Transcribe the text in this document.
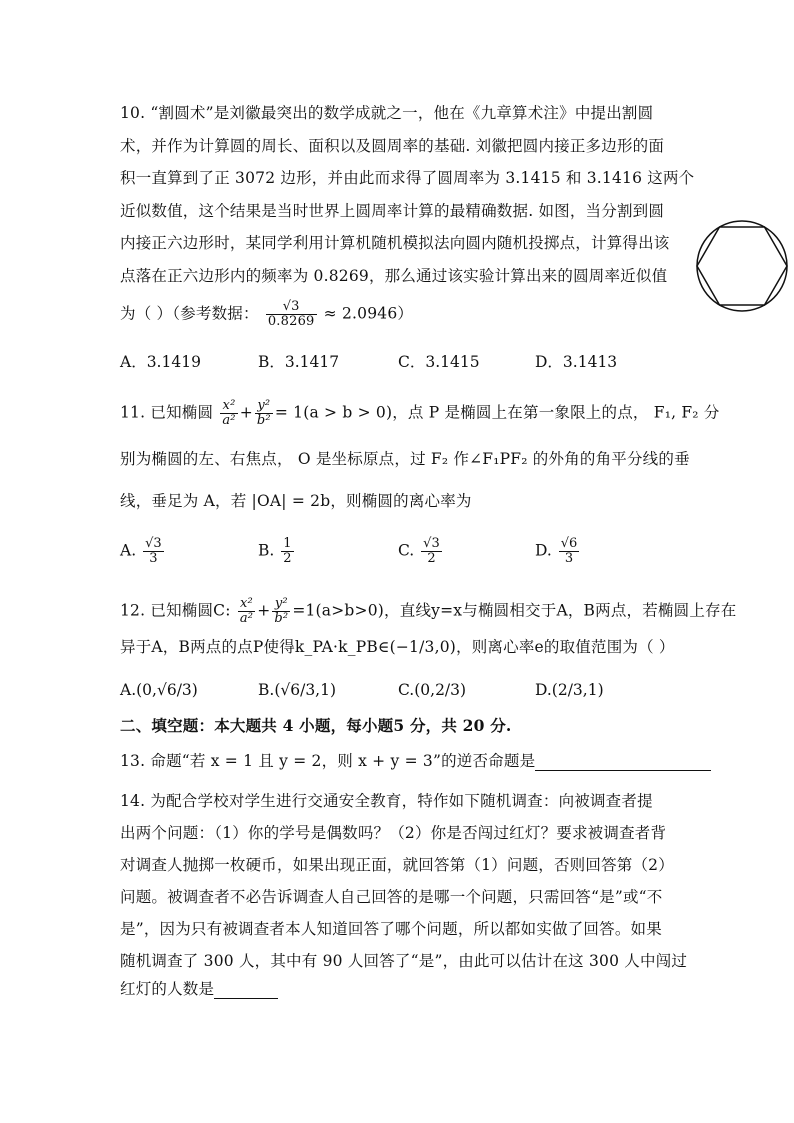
10. “割圆术”是刘徽最突出的数学成就之一，他在《九章算术注》中提出割圆
术，并作为计算圆的周长、面积以及圆周率的基础. 刘徽把圆内接正多边形的面
积一直算到了正 3072 边形，并由此而求得了圆周率为 3.1415 和 3.1416 这两个
近似数值，这个结果是当时世界上圆周率计算的最精确数据. 如图，当分割到圆
内接正六边形时，某同学利用计算机随机模拟法向圆内随机投掷点，计算得出该
点落在正六边形内的频率为 0.8269，那么通过该实验计算出来的圆周率近似值
为（ ）（参考数据： $\frac{√3}{0.8269} \approx 2.0946$）
A．3.1419	B．3.1417	C．3.1415	D．3.1413
11. 已知椭圆 $\frac{\text{x²}}{\text{a²}} + \frac{\text{y²}}{\text{b²}} = 1(a > b > 0)$，点 P 是椭圆上在第一象限上的点， F₁, F₂ 分
别为椭圆的左、右焦点， O 是坐标原点，过 F₂ 作∠F₁PF₂ 的外角的角平分线的垂
线，垂足为 A，若 |OA| = 2b，则椭圆的离心率为
A. $\frac{√3}{3}$	B. $\frac{1}{2}$	C. $\frac{√3}{2}$	D. $\frac{√6}{3}$
12. 已知椭圆C: $\frac{\text{x²}}{\text{a²}} + \frac{\text{y²}}{\text{b²}} =1(a>b>0)$，直线y=x与椭圆相交于A，B两点，若椭圆上存在
异于A，B两点的点P使得k_PA·k_PB∈(−1/3,0)，则离心率e的取值范围为（ ）
A.(0,√6/3)	B.(√6/3,1)	C.(0,2/3)	D.(2/3,1)
二、填空题：本大题共 4 小题，每小题5 分，共 20 分.
13. 命题“若 x = 1 且 y = 2，则 x + y = 3”的逆否命题是
14. 为配合学校对学生进行交通安全教育，特作如下随机调查：向被调查者提
出两个问题：（1）你的学号是偶数吗？（2）你是否闯过红灯？要求被调查者背
对调查人抛掷一枚硬币，如果出现正面，就回答第（1）问题，否则回答第（2）
问题。被调查者不必告诉调查人自己回答的是哪一个问题，只需回答“是”或“不
是”，因为只有被调查者本人知道回答了哪个问题，所以都如实做了回答。如果
随机调查了 300 人，其中有 90 人回答了“是”，由此可以估计在这 300 人中闯过
红灯的人数是
